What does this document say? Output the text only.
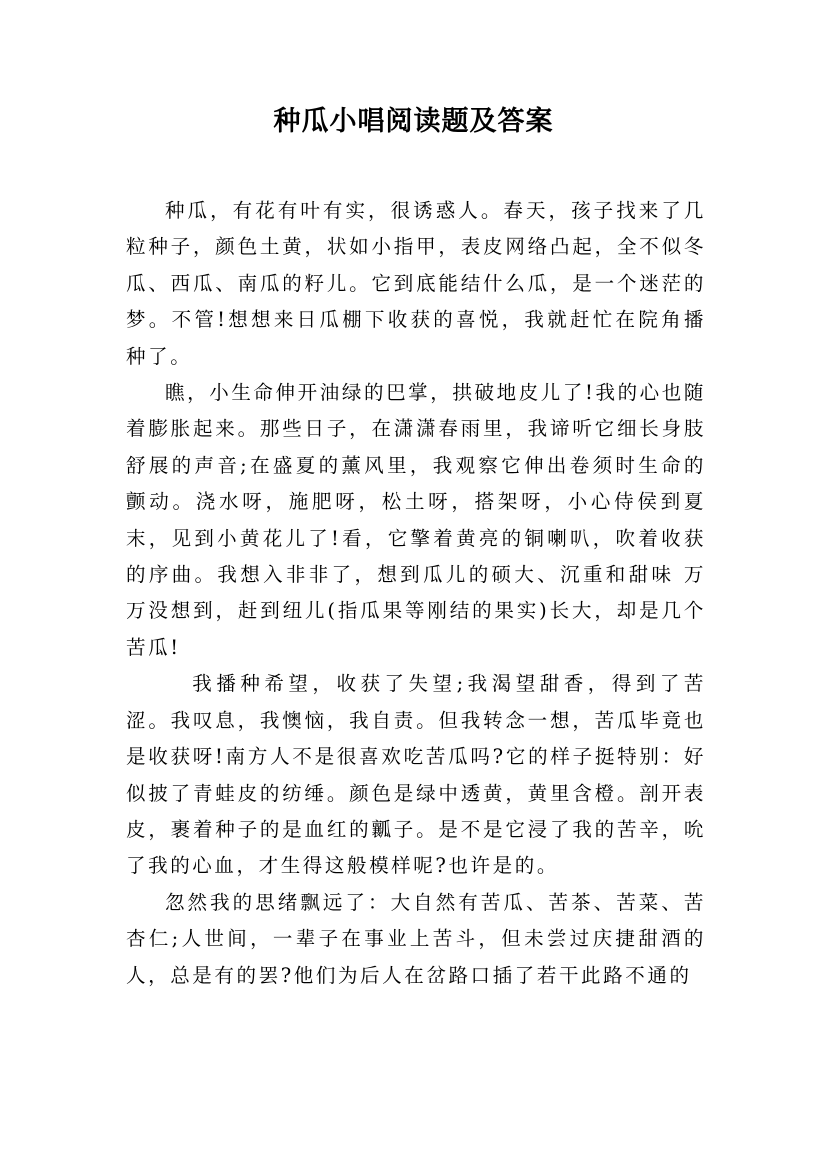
种瓜小唱阅读题及答案

种瓜，有花有叶有实，很诱惑人。春天，孩子找来了几粒种子，颜色土黄，状如小指甲，表皮网络凸起，全不似冬瓜、西瓜、南瓜的籽儿。它到底能结什么瓜，是一个迷茫的梦。不管!想想来日瓜棚下收获的喜悦，我就赶忙在院角播种了。

瞧，小生命伸开油绿的巴掌，拱破地皮儿了!我的心也随着膨胀起来。那些日子，在潇潇春雨里，我谛听它细长身肢舒展的声音;在盛夏的薰风里，我观察它伸出卷须时生命的颤动。浇水呀，施肥呀，松土呀，搭架呀，小心侍侯到夏末，见到小黄花儿了!看，它擎着黄亮的铜喇叭，吹着收获的序曲。我想入非非了，想到瓜儿的硕大、沉重和甜味 万万没想到，赶到纽儿(指瓜果等刚结的果实)长大，却是几个苦瓜!

我播种希望，收获了失望;我渴望甜香，得到了苦涩。我叹息，我懊恼，我自责。但我转念一想，苦瓜毕竟也是收获呀!南方人不是很喜欢吃苦瓜吗?它的样子挺特别：好似披了青蛙皮的纺缍。颜色是绿中透黄，黄里含橙。剖开表皮，裹着种子的是血红的瓤子。是不是它浸了我的苦辛，吮了我的心血，才生得这般模样呢?也许是的。

忽然我的思绪飘远了：大自然有苦瓜、苦茶、苦菜、苦杏仁;人世间，一辈子在事业上苦斗，但未尝过庆捷甜酒的人，总是有的罢?他们为后人在岔路口插了若干此路不通的
